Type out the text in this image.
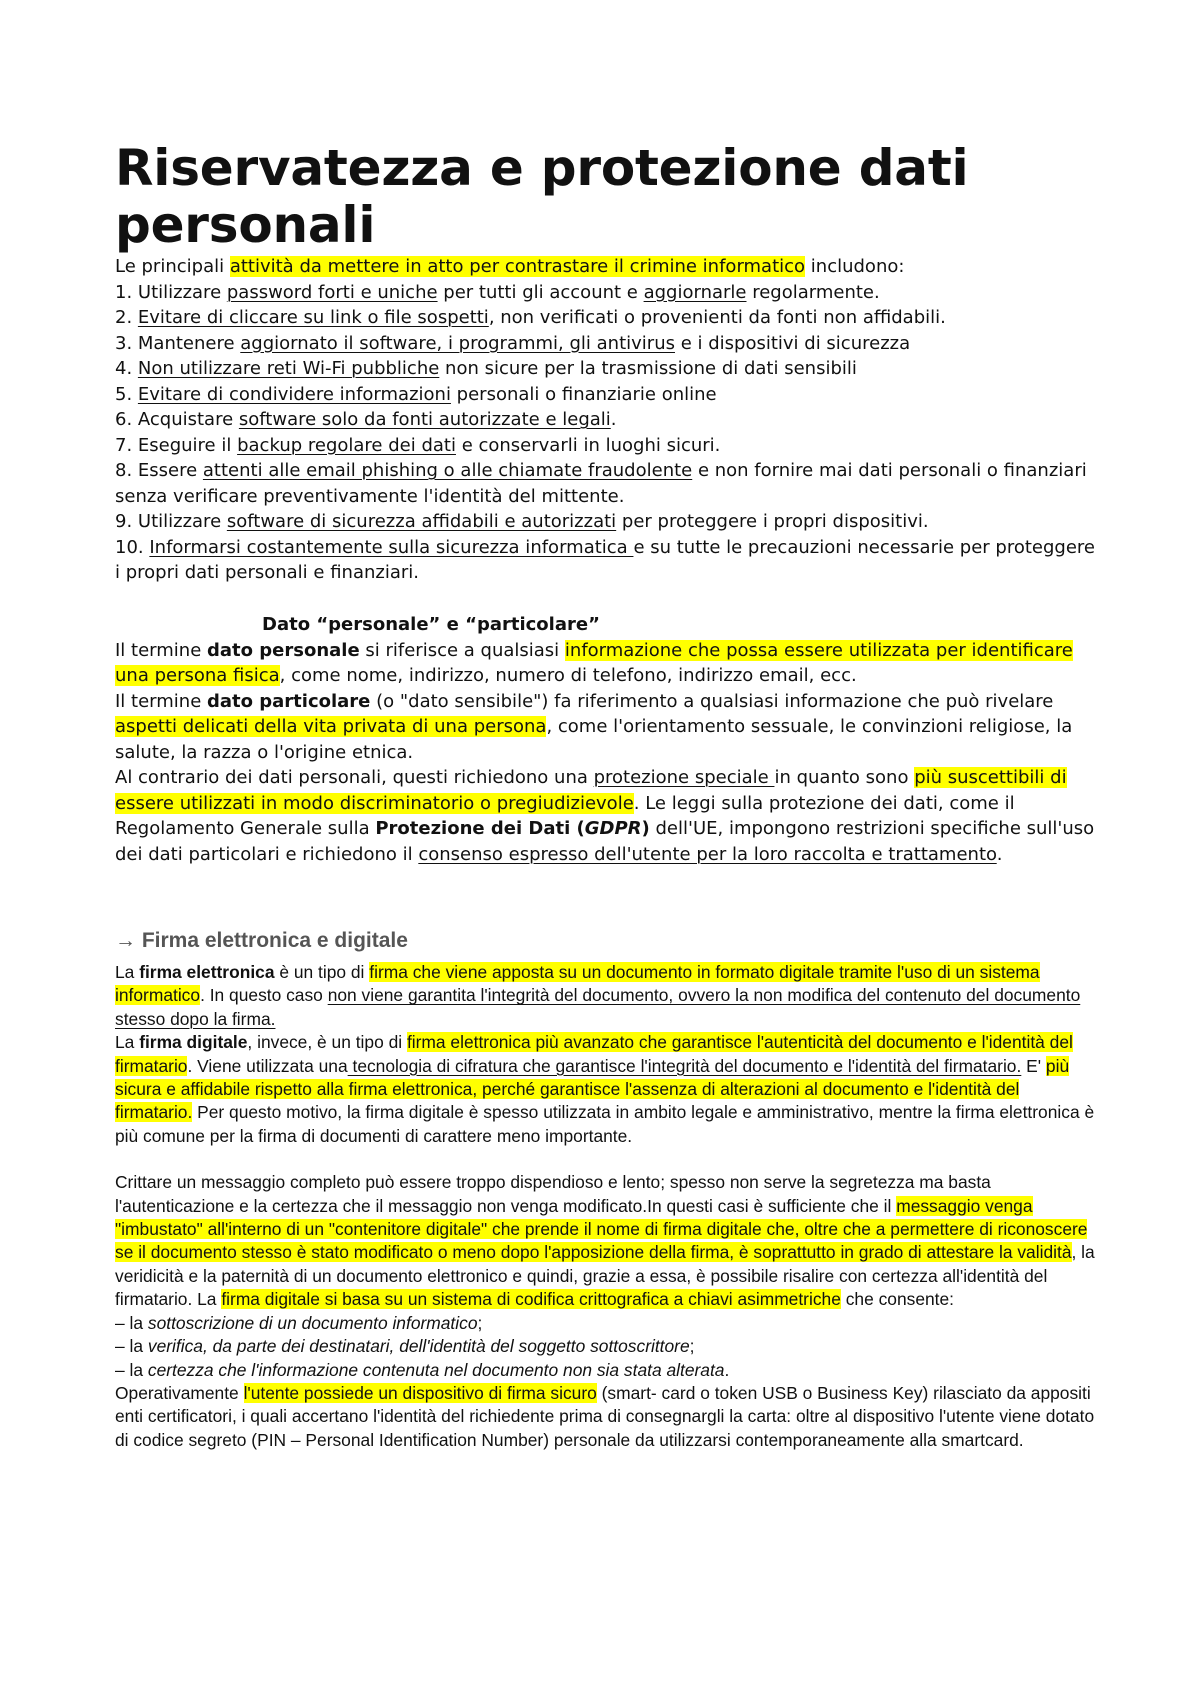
Riservatezza e protezione dati personali

Le principali attività da mettere in atto per contrastare il crimine informatico includono:

1. Utilizzare password forti e uniche per tutti gli account e aggiornarle regolarmente.

2. Evitare di cliccare su link o file sospetti, non verificati o provenienti da fonti non affidabili.

3. Mantenere aggiornato il software, i programmi, gli antivirus e i dispositivi di sicurezza

4. Non utilizzare reti Wi-Fi pubbliche non sicure per la trasmissione di dati sensibili

5. Evitare di condividere informazioni personali o finanziarie online

6. Acquistare software solo da fonti autorizzate e legali.

7. Eseguire il backup regolare dei dati e conservarli in luoghi sicuri.

8. Essere attenti alle email phishing o alle chiamate fraudolente e non fornire mai dati personali o finanziari senza verificare preventivamente l'identità del mittente.

9. Utilizzare software di sicurezza affidabili e autorizzati per proteggere i propri dispositivi.

10. Informarsi costantemente sulla sicurezza informatica e su tutte le precauzioni necessarie per proteggere i propri dati personali e finanziari.

Dato “personale” e “particolare”

Il termine dato personale si riferisce a qualsiasi informazione che possa essere utilizzata per identificare una persona fisica, come nome, indirizzo, numero di telefono, indirizzo email, ecc.

Il termine dato particolare (o "dato sensibile") fa riferimento a qualsiasi informazione che può rivelare aspetti delicati della vita privata di una persona, come l'orientamento sessuale, le convinzioni religiose, la salute, la razza o l'origine etnica.

Al contrario dei dati personali, questi richiedono una protezione speciale in quanto sono più suscettibili di essere utilizzati in modo discriminatorio o pregiudizievole. Le leggi sulla protezione dei dati, come il Regolamento Generale sulla Protezione dei Dati (GDPR) dell'UE, impongono restrizioni specifiche sull'uso dei dati particolari e richiedono il consenso espresso dell'utente per la loro raccolta e trattamento.

→ Firma elettronica e digitale

La firma elettronica è un tipo di firma che viene apposta su un documento in formato digitale tramite l'uso di un sistema informatico. In questo caso non viene garantita l'integrità del documento, ovvero la non modifica del contenuto del documento stesso dopo la firma.

La firma digitale, invece, è un tipo di firma elettronica più avanzato che garantisce l'autenticità del documento e l'identità del firmatario. Viene utilizzata una tecnologia di cifratura che garantisce l'integrità del documento e l'identità del firmatario. E' più sicura e affidabile rispetto alla firma elettronica, perché garantisce l'assenza di alterazioni al documento e l'identità del firmatario. Per questo motivo, la firma digitale è spesso utilizzata in ambito legale e amministrativo, mentre la firma elettronica è più comune per la firma di documenti di carattere meno importante.

Crittare un messaggio completo può essere troppo dispendioso e lento; spesso non serve la segretezza ma basta l'autenticazione e la certezza che il messaggio non venga modificato.In questi casi è sufficiente che il messaggio venga "imbustato" all'interno di un "contenitore digitale" che prende il nome di firma digitale che, oltre che a permettere di riconoscere se il documento stesso è stato modificato o meno dopo l'apposizione della firma, è soprattutto in grado di attestare la validità, la veridicità e la paternità di un documento elettronico e quindi, grazie a essa, è possibile risalire con certezza all'identità del firmatario. La firma digitale si basa su un sistema di codifica crittografica a chiavi asimmetriche che consente:

– la sottoscrizione di un documento informatico;

– la verifica, da parte dei destinatari, dell'identità del soggetto sottoscrittore;

– la certezza che l'informazione contenuta nel documento non sia stata alterata.

Operativamente l'utente possiede un dispositivo di firma sicuro (smart- card o token USB o Business Key) rilasciato da appositi enti certificatori, i quali accertano l'identità del richiedente prima di consegnargli la carta: oltre al dispositivo l'utente viene dotato di codice segreto (PIN – Personal Identification Number) personale da utilizzarsi contemporaneamente alla smartcard.
